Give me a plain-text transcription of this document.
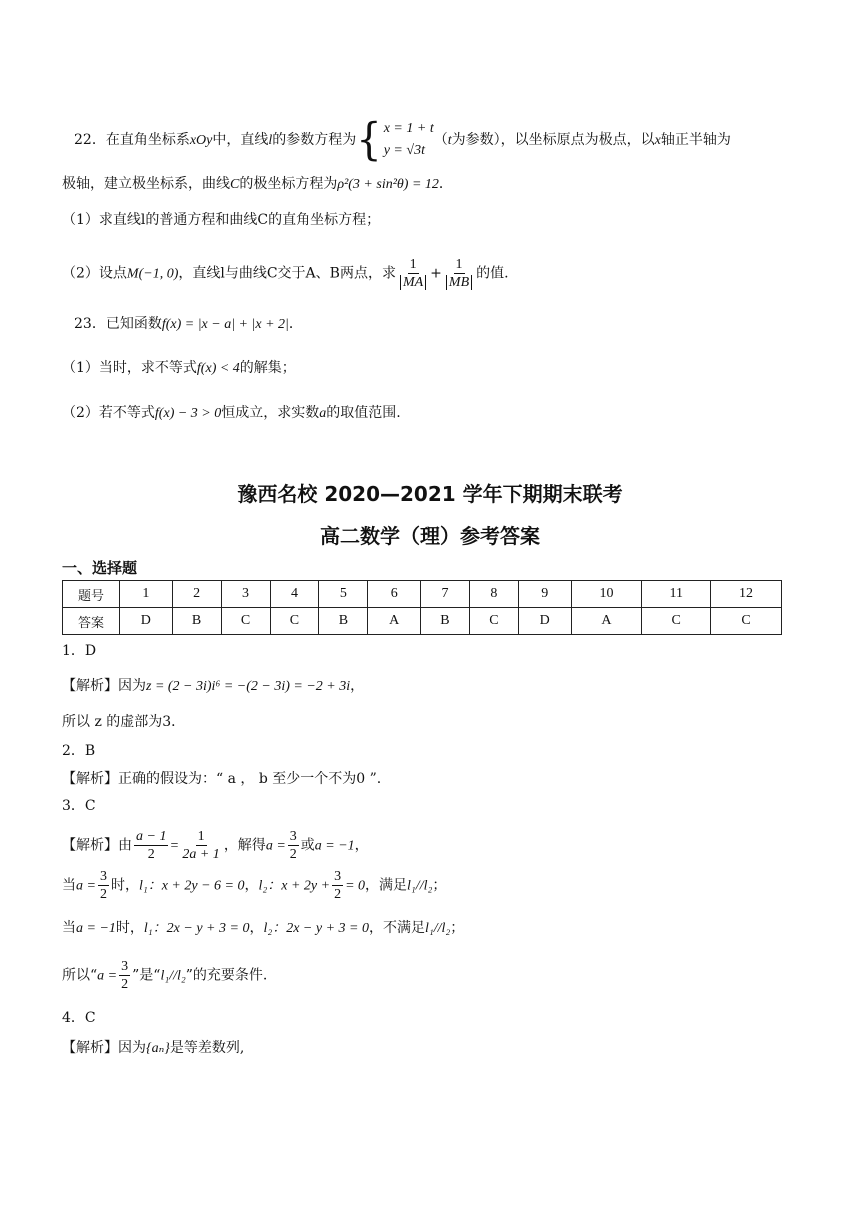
22．在直角坐标系xOy中，直线l的参数方程为{ x = 1 + t
y = √3t
（t为参数），以坐标原点为极点，以x轴正半轴为
极轴，建立极坐标系，曲线C的极坐标方程为ρ²(3 + sin²θ) = 12．
（1）求直线l的普通方程和曲线C的直角坐标方程；
（2）设点M(−1, 0)，直线l与曲线C交于A、B两点，求 $\frac{1}{MA} + \frac{1}{MB}$ 的值.
23．已知函数f(x) = |x − a| + |x + 2|．
（1）当时，求不等式f(x) < 4的解集；
（2）若不等式f(x) − 3 > 0恒成立，求实数a的取值范围.
豫西名校 2020—2021 学年下期期末联考
高二数学（理）参考答案
一、选择题
题号	1	2	3	4	5	6	7	8	9	10	11	12
答案	D	B	C	C	B	A	B	C	D	A	C	C
1．D
【解析】因为z = (2 − 3i)i⁶ = −(2 − 3i) = −2 + 3i，
所以 z 的虚部为3．
2．B
【解析】正确的假设为：“ a ， b 至少一个不为0 ”.
3．C
【解析】由 $\frac{a - 1}{2} = \frac{1}{2a + 1}$ ，解得$a = \frac{3}{2}$ 或a = −1，
当$a = \frac{3}{2}$ 时，l₁：x + 2y − 6 = 0，l₂：$x + 2y + \frac{3}{2} = 0$，满足l₁//l₂；
当a = −1时，l₁：2x − y + 3 = 0，l₂：2x − y + 3 = 0，不满足l₁//l₂；
所以“$a = \frac{3}{2}$ ”是“l₁//l₂”的充要条件.
4．C
【解析】因为{aₙ}是等差数列,
